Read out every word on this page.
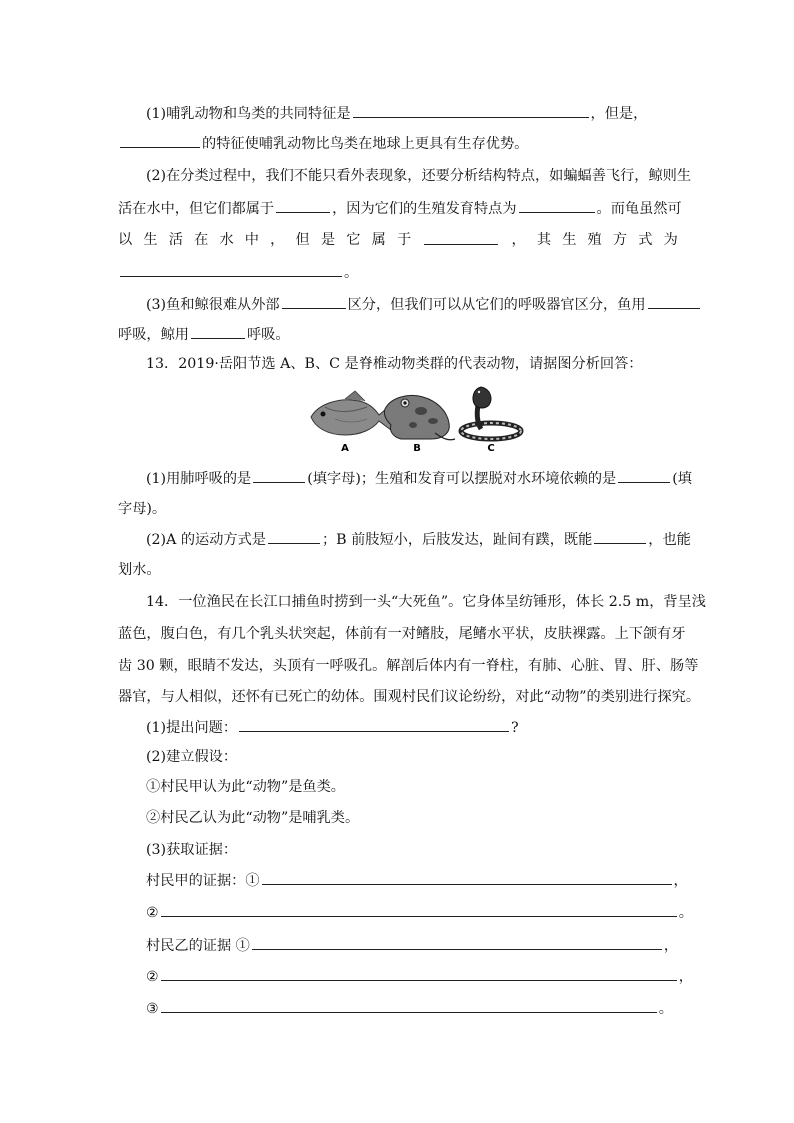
(1)哺乳动物和鸟类的共同特征是	，但是，
的特征使哺乳动物比鸟类在地球上更具有生存优势。
(2)在分类过程中，我们不能只看外表现象，还要分析结构特点，如蝙蝠善飞行，鲸则生
活在水中，但它们都属于	，因为它们的生殖发育特点为	。而龟虽然可
以 生 活 在 水 中 ， 但 是 它 属 于	， 其 生 殖 方 式 为
。
(3)鱼和鲸很难从外部	区分，但我们可以从它们的呼吸器官区分，鱼用
呼吸，鲸用	呼吸。
13．2019·岳阳节选 A、B、C 是脊椎动物类群的代表动物，请据图分析回答：
A	B	C
(1)用肺呼吸的是	(填字母)；生殖和发育可以摆脱对水环境依赖的是	(填
字母)。
(2)A 的运动方式是	；B 前肢短小，后肢发达，趾间有蹼，既能	，也能
划水。
14．一位渔民在长江口捕鱼时捞到一头“大死鱼”。它身体呈纺锤形，体长 2.5 m，背呈浅
蓝色，腹白色，有几个乳头状突起，体前有一对鳍肢，尾鳍水平状，皮肤裸露。上下颌有牙
齿 30 颗，眼睛不发达，头顶有一呼吸孔。解剖后体内有一脊柱，有肺、心脏、胃、肝、肠等
器官，与人相似，还怀有已死亡的幼体。围观村民们议论纷纷，对此“动物”的类别进行探究。
(1)提出问题：	?
(2)建立假设：
①村民甲认为此“动物”是鱼类。
②村民乙认为此“动物”是哺乳类。
(3)获取证据：
村民甲的证据：①	，
②	。
村民乙的证据 ①	，
②	，
③	。
